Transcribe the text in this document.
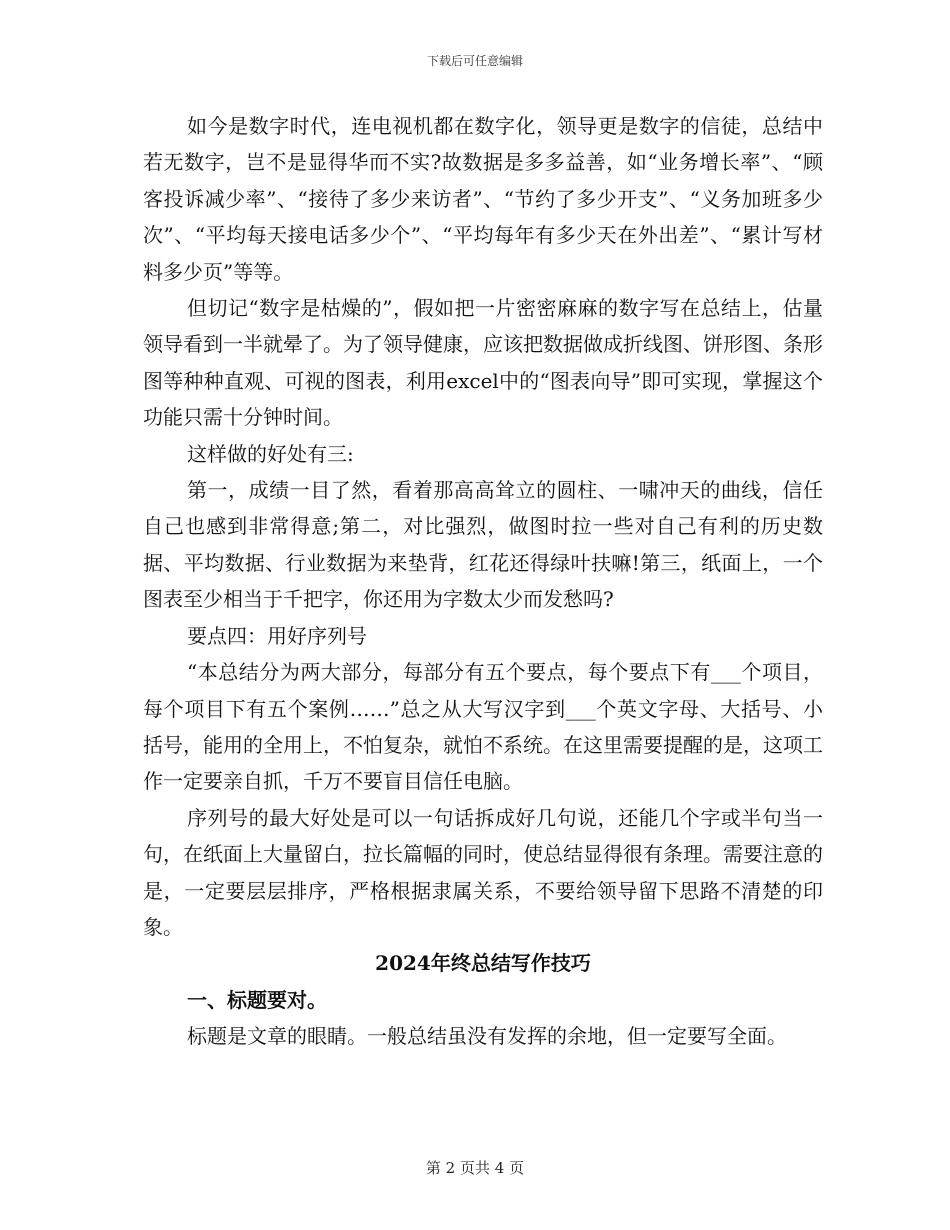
下载后可任意编辑

如今是数字时代，连电视机都在数字化，领导更是数字的信徒，总结中若无数字，岂不是显得华而不实?故数据是多多益善，如“业务增长率”、“顾客投诉减少率”、“接待了多少来访者”、“节约了多少开支”、“义务加班多少次”、“平均每天接电话多少个”、“平均每年有多少天在外出差”、“累计写材料多少页”等等。

但切记“数字是枯燥的”，假如把一片密密麻麻的数字写在总结上，估量领导看到一半就晕了。为了领导健康，应该把数据做成折线图、饼形图、条形图等种种直观、可视的图表，利用excel中的“图表向导”即可实现，掌握这个功能只需十分钟时间。

这样做的好处有三:

第一，成绩一目了然，看着那高高耸立的圆柱、一啸冲天的曲线，信任自己也感到非常得意;第二，对比强烈，做图时拉一些对自己有利的历史数据、平均数据、行业数据为来垫背，红花还得绿叶扶嘛!第三，纸面上，一个图表至少相当于千把字，你还用为字数太少而发愁吗?

要点四：用好序列号

“本总结分为两大部分，每部分有五个要点，每个要点下有___个项目，每个项目下有五个案例……”总之从大写汉字到___个英文字母、大括号、小括号，能用的全用上，不怕复杂，就怕不系统。在这里需要提醒的是，这项工作一定要亲自抓，千万不要盲目信任电脑。

序列号的最大好处是可以一句话拆成好几句说，还能几个字或半句当一句，在纸面上大量留白，拉长篇幅的同时，使总结显得很有条理。需要注意的是，一定要层层排序，严格根据隶属关系，不要给领导留下思路不清楚的印象。

2024年终总结写作技巧

一、标题要对。

标题是文章的眼睛。一般总结虽没有发挥的余地，但一定要写全面。

第 2 页共 4 页
